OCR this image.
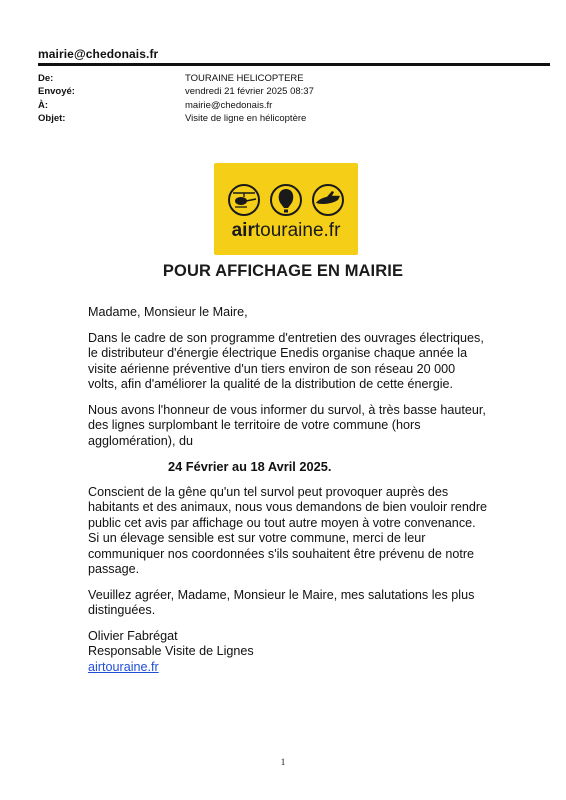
mairie@chedonais.fr
De:	TOURAINE HELICOPTERE
Envoyé:	vendredi 21 février 2025 08:37
À:	mairie@chedonais.fr
Objet:	Visite de ligne en hélicoptère
airtouraine.fr
POUR AFFICHAGE EN MAIRIE

Madame, Monsieur le Maire,

Dans le cadre de son programme d'entretien des ouvrages électriques, le distributeur d'énergie électrique Enedis organise chaque année la visite aérienne préventive d'un tiers environ de son réseau 20 000 volts, afin d'améliorer la qualité de la distribution de cette énergie.

Nous avons l'honneur de vous informer du survol, à très basse hauteur, des lignes surplombant le territoire de votre commune (hors agglomération), du

24 Février au 18 Avril 2025.

Conscient de la gêne qu'un tel survol peut provoquer auprès des habitants et des animaux, nous vous demandons de bien vouloir rendre public cet avis par affichage ou tout autre moyen à votre convenance.

Si un élevage sensible est sur votre commune, merci de leur communiquer nos coordonnées s'ils souhaitent être prévenu de notre passage.

Veuillez agréer, Madame, Monsieur le Maire, mes salutations les plus distinguées.

Olivier Fabrégat

Responsable Visite de Lignes

airtouraine.fr

1
